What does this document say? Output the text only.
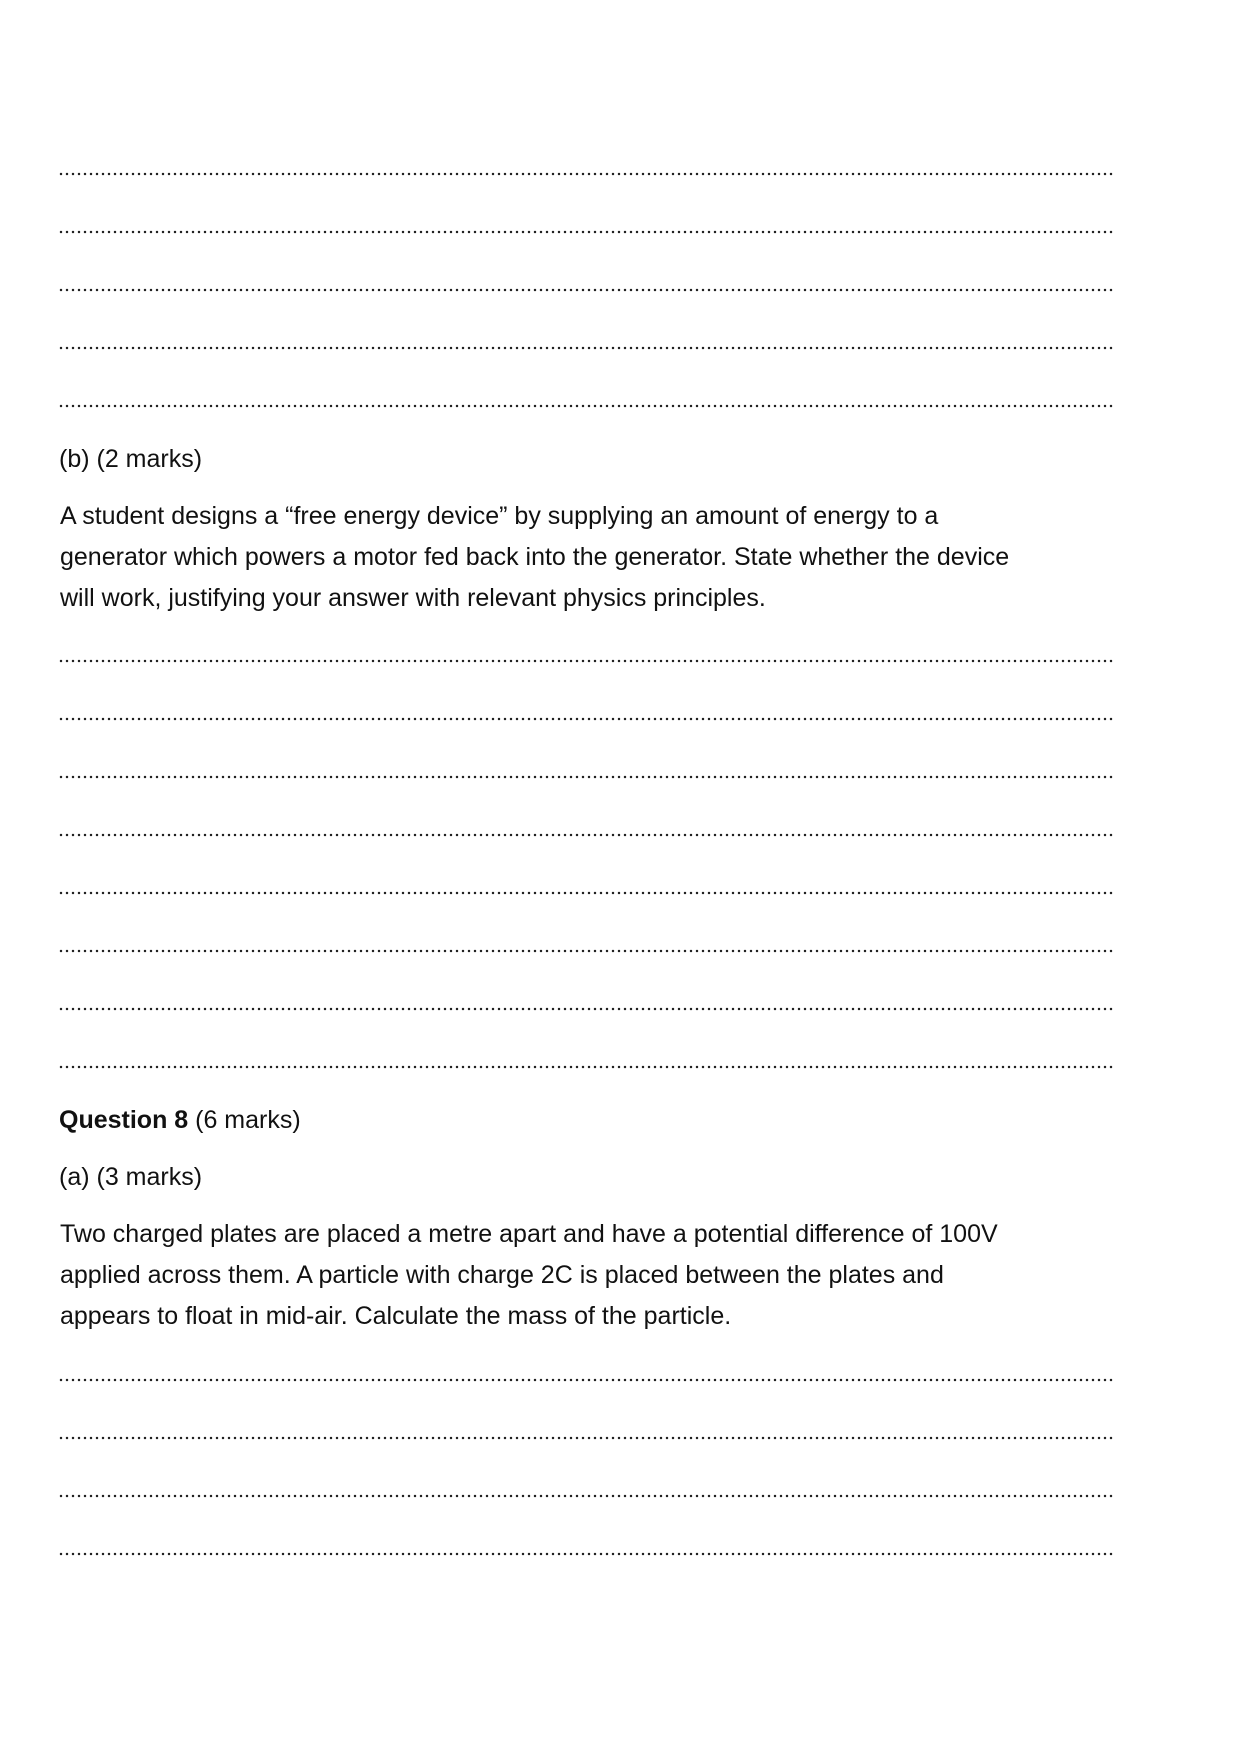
(b) (2 marks)

A student designs a “free energy device” by supplying an amount of energy to a
generator which powers a motor fed back into the generator. State whether the device
will work, justifying your answer with relevant physics principles.

Question 8 (6 marks)

(a) (3 marks)

Two charged plates are placed a metre apart and have a potential difference of 100V
applied across them. A particle with charge 2C is placed between the plates and
appears to float in mid-air. Calculate the mass of the particle.
